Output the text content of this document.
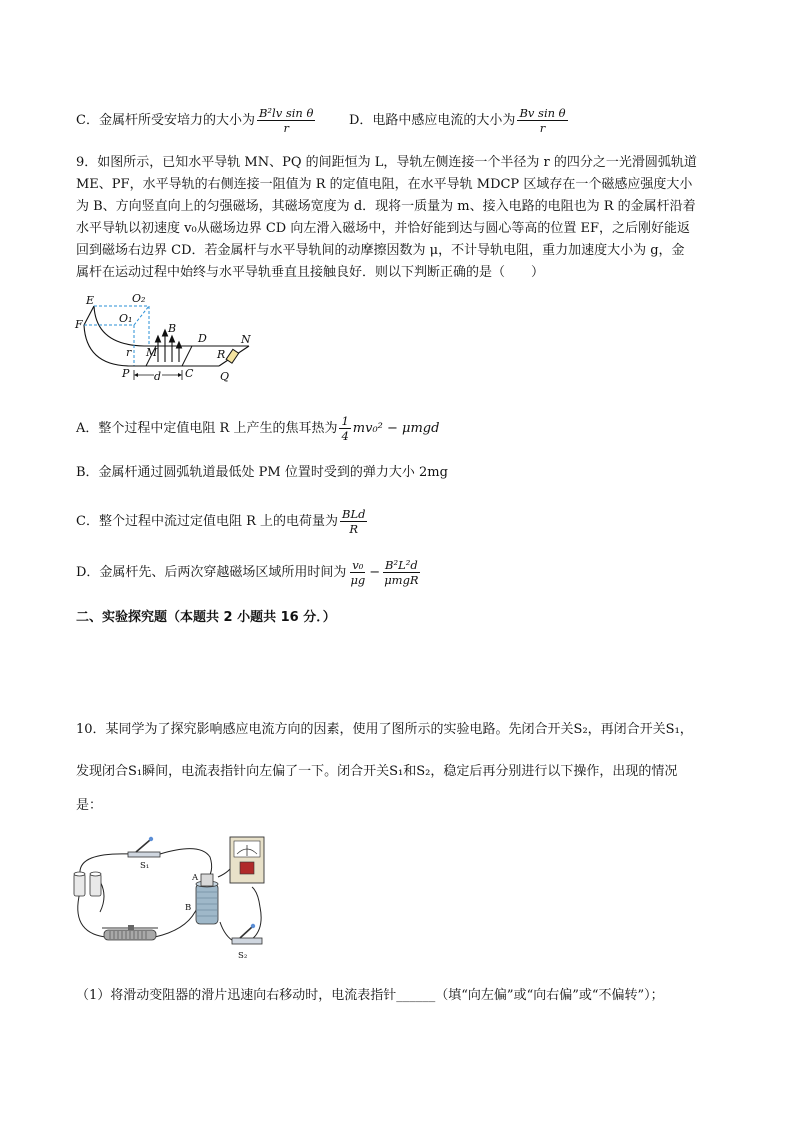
C．金属杆所受安培力的大小为 $\frac{\text{B²lv sin θ}}{r}$	D．电路中感应电流的大小为 $\frac{\text{Bv sin θ}}{r}$
9．如图所示，已知水平导轨 MN、PQ 的间距恒为 L，导轨左侧连接一个半径为 r 的四分之一光滑圆弧轨道
ME、PF，水平导轨的右侧连接一阻值为 R 的定值电阻，在水平导轨 MDCP 区域存在一个磁感应强度大小
为 B、方向竖直向上的匀强磁场，其磁场宽度为 d．现将一质量为 m、接入电路的电阻也为 R 的金属杆沿着
水平导轨以初速度 v₀从磁场边界 CD 向左滑入磁场中，并恰好能到达与圆心等高的位置 EF，之后刚好能返
回到磁场右边界 CD．若金属杆与水平导轨间的动摩擦因数为 μ，不计导轨电阻，重力加速度大小为 g，金
属杆在运动过程中始终与水平导轨垂直且接触良好．则以下判断正确的是（　　）
E	O₂
F	O₁
B
D	N
r M	R
P d C Q
A．整个过程中定值电阻 R 上产生的焦耳热为 $\frac{1}{4} mv_0^2 - \mu mgd$
B．金属杆通过圆弧轨道最低处 PM 位置时受到的弹力大小 2mg
C．整个过程中流过定值电阻 R 上的电荷量为 $\frac{\text{BLd}}{R}$
D．金属杆先、后两次穿越磁场区域所用时间为 $\frac{\text{v₀}}{\mu g} - \frac{\text{B²L²d}}{\text{μmgR}}$
二、实验探究题（本题共 2 小题共 16 分．）
10．某同学为了探究影响感应电流方向的因素，使用了图所示的实验电路。先闭合开关S₂，再闭合开关S₁，
发现闭合S₁瞬间，电流表指针向左偏了一下。闭合开关S₁和S₂，稳定后再分别进行以下操作，出现的情况
是：
S₁
A
B
S₂
（1）将滑动变阻器的滑片迅速向右移动时，电流表指针______（填“向左偏”或“向右偏”或“不偏转”）；
